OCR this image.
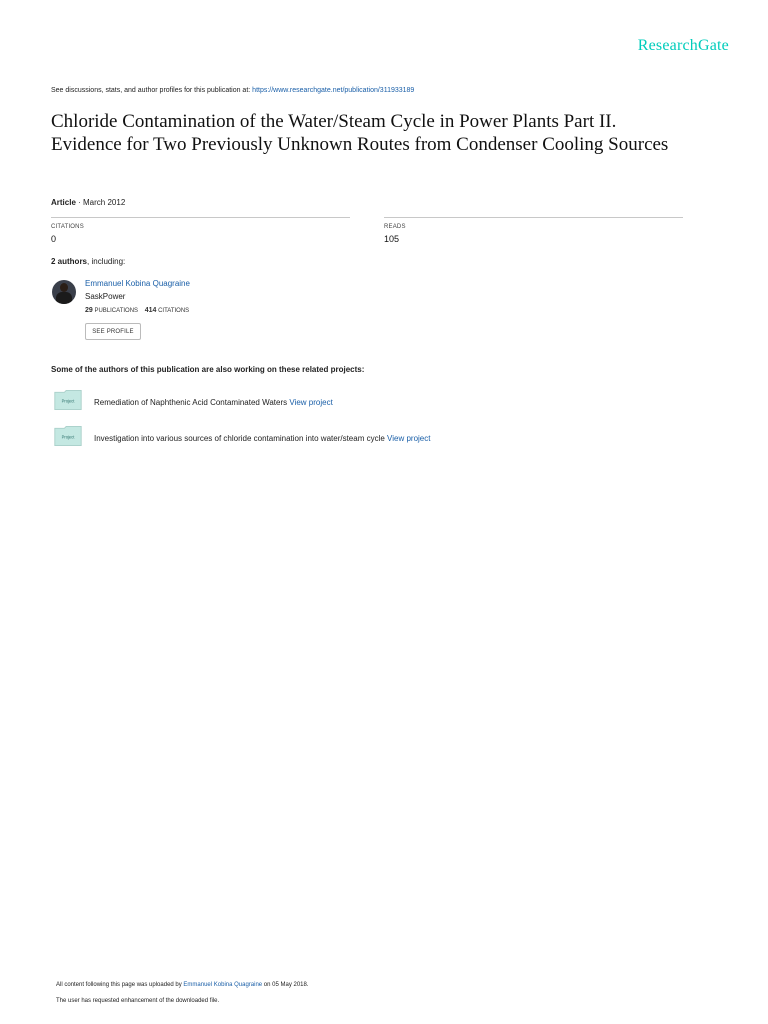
ResearchGate
See discussions, stats, and author profiles for this publication at: https://www.researchgate.net/publication/311933189
Chloride Contamination of the Water/Steam Cycle in Power Plants Part II. Evidence for Two Previously Unknown Routes from Condenser Cooling Sources
Article · March 2012
CITATIONS
0
READS
105
2 authors, including:
Emmanuel Kobina Quagraine
SaskPower
29 PUBLICATIONS 414 CITATIONS
SEE PROFILE
Some of the authors of this publication are also working on these related projects:
Project Remediation of Naphthenic Acid Contaminated Waters View project
Project Investigation into various sources of chloride contamination into water/steam cycle View project
All content following this page was uploaded by Emmanuel Kobina Quagraine on 05 May 2018.
The user has requested enhancement of the downloaded file.
